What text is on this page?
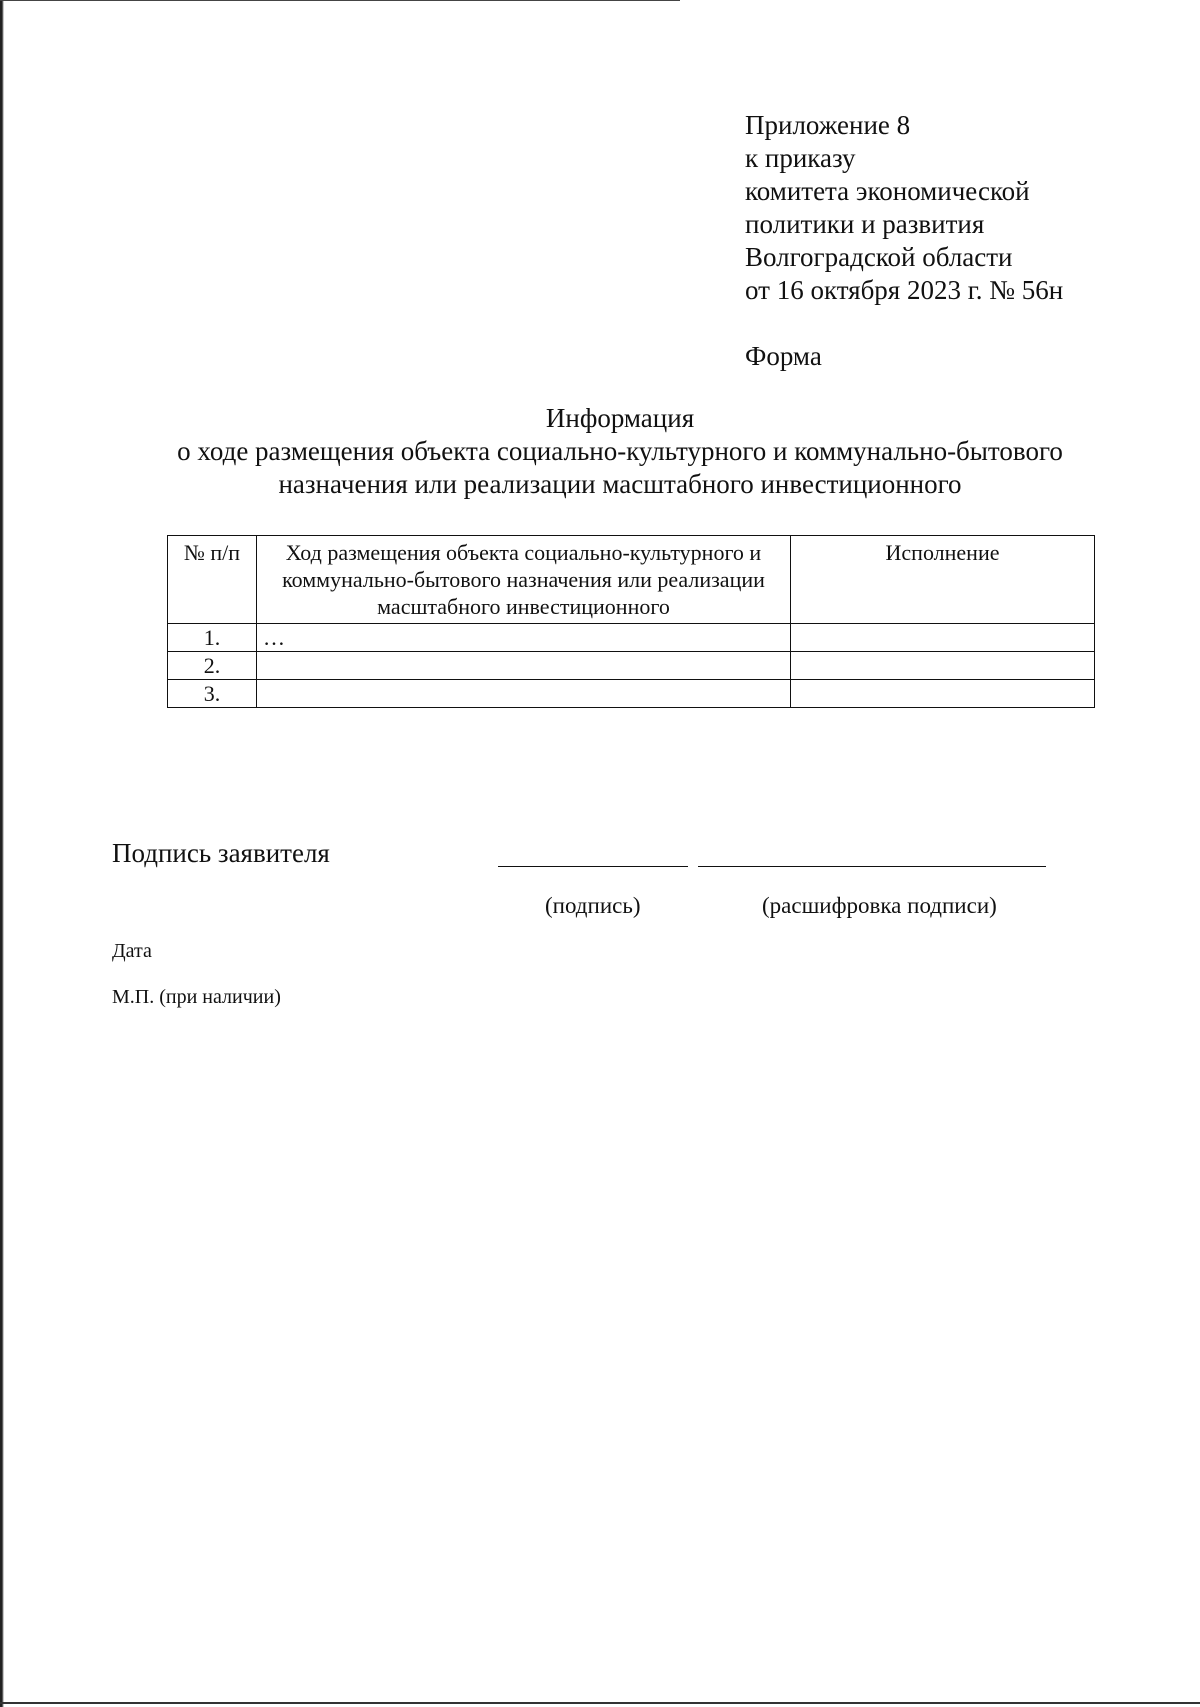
Приложение 8
к приказу
комитета экономической
политики и развития
Волгоградской области
от 16 октября 2023 г. № 56н
Форма
Информация
о ходе размещения объекта социально-культурного и коммунально-бытового
назначения или реализации масштабного инвестиционного
№ п/п	Ход размещения объекта социально-культурного и коммунально-бытового назначения или реализации масштабного инвестиционного	Исполнение
1.	…	
2.		
3.		
Подпись заявителя
(подпись)	(расшифровка подписи)
Дата
М.П. (при наличии)
